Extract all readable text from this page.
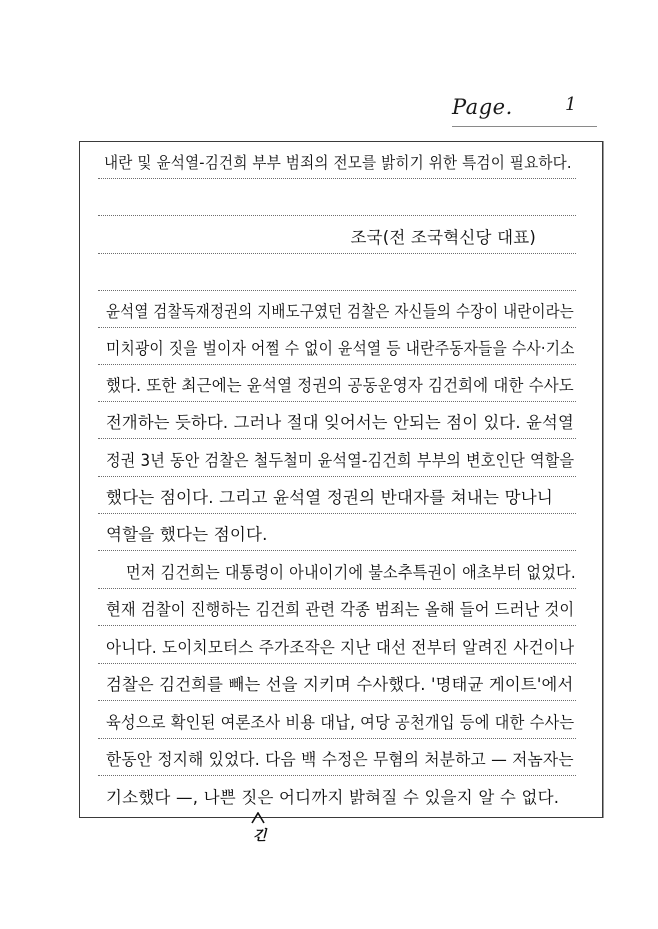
Page.	1
내란 및 윤석열-김건희 부부 범죄의 전모를 밝히기 위한 특검이 필요하다.
조국(전 조국혁신당 대표)
윤석열 검찰독재정권의 지배도구였던 검찰은 자신들의 수장이 내란이라는
미치광이 짓을 벌이자 어쩔 수 없이 윤석열 등 내란주동자들을 수사·기소
했다. 또한 최근에는 윤석열 정권의 공동운영자 김건희에 대한 수사도
전개하는 듯하다. 그러나 절대 잊어서는 안되는 점이 있다. 윤석열
정권 3년 동안 검찰은 철두철미 윤석열-김건희 부부의 변호인단 역할을
했다는 점이다. 그리고 윤석열 정권의 반대자를 쳐내는 망나니
역할을 했다는 점이다.
먼저 김건희는 대통령이 아내이기에 불소추특권이 애초부터 없었다.
현재 검찰이 진행하는 김건희 관련 각종 범죄는 올해 들어 드러난 것이
아니다. 도이치모터스 주가조작은 지난 대선 전부터 알려진 사건이나
검찰은 김건희를 빼는 선을 지키며 수사했다. '명태균 게이트'에서
육성으로 확인된 여론조사 비용 대납, 여당 공천개입 등에 대한 수사는
한동안 정지해 있었다. 다음 백 수정은 무혐의 처분하고 — 저놈자는
기소했다 —, 나쁜 짓은 어디까지 밝혀질 수 있을지 알 수 없다.
긴
